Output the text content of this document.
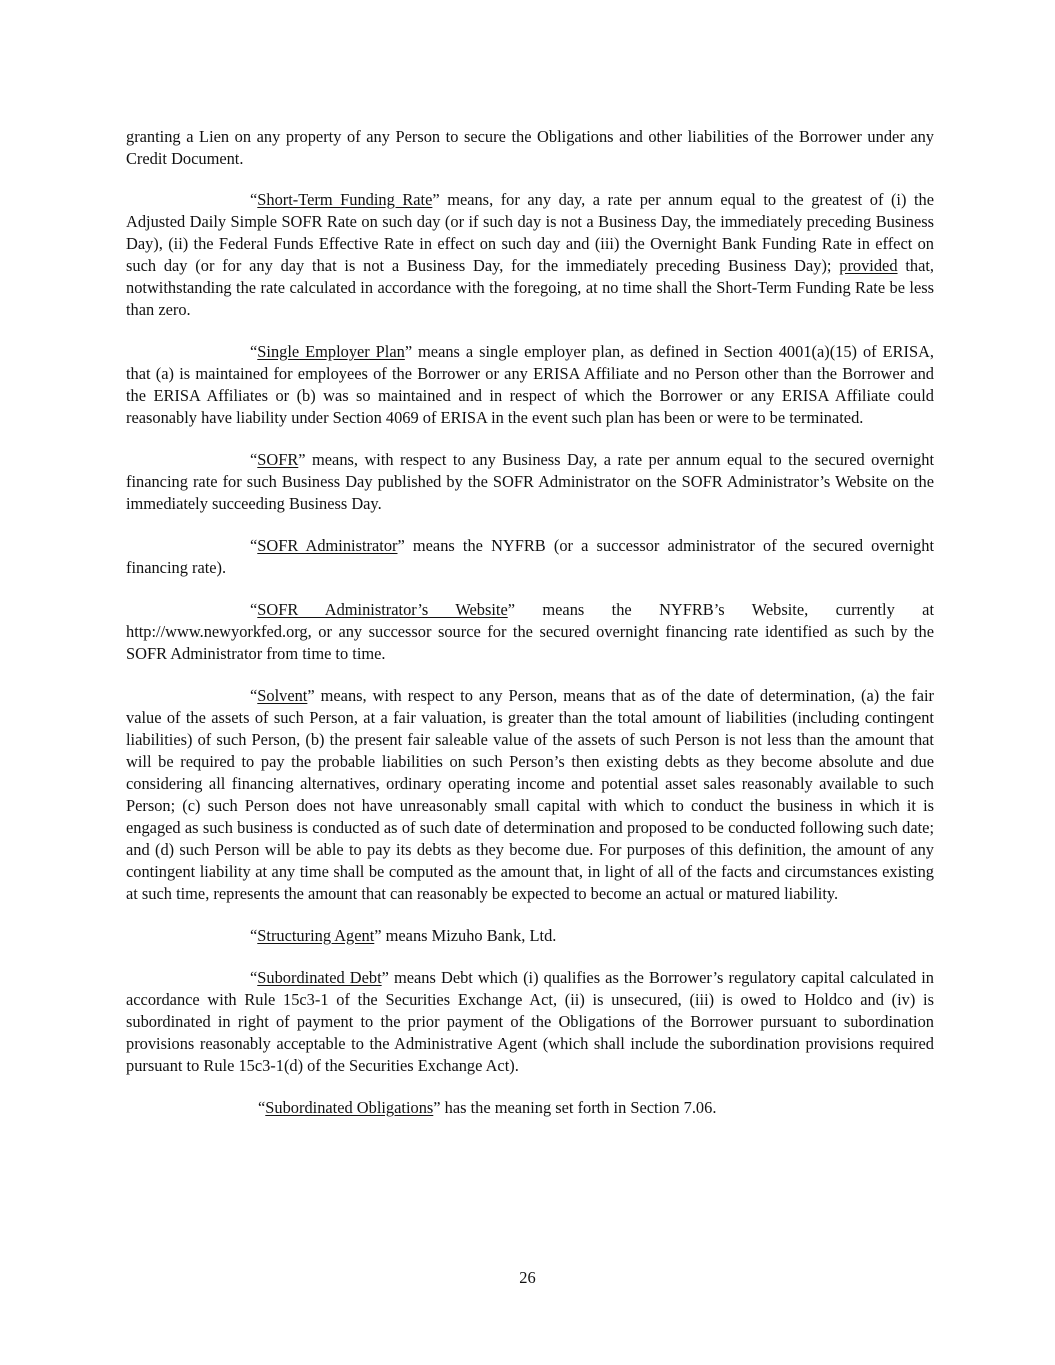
granting a Lien on any property of any Person to secure the Obligations and other liabilities of the Borrower under any Credit Document.

“Short-Term Funding Rate” means, for any day, a rate per annum equal to the greatest of (i) the Adjusted Daily Simple SOFR Rate on such day (or if such day is not a Business Day, the immediately preceding Business Day), (ii) the Federal Funds Effective Rate in effect on such day and (iii) the Overnight Bank Funding Rate in effect on such day (or for any day that is not a Business Day, for the immediately preceding Business Day); provided that, notwithstanding the rate calculated in accordance with the foregoing, at no time shall the Short-Term Funding Rate be less than zero.

“Single Employer Plan” means a single employer plan, as defined in Section 4001(a)(15) of ERISA, that (a) is maintained for employees of the Borrower or any ERISA Affiliate and no Person other than the Borrower and the ERISA Affiliates or (b) was so maintained and in respect of which the Borrower or any ERISA Affiliate could reasonably have liability under Section 4069 of ERISA in the event such plan has been or were to be terminated.

“SOFR” means, with respect to any Business Day, a rate per annum equal to the secured overnight financing rate for such Business Day published by the SOFR Administrator on the SOFR Administrator’s Website on the immediately succeeding Business Day.

“SOFR Administrator” means the NYFRB (or a successor administrator of the secured overnight financing rate).

“SOFR Administrator’s Website” means the NYFRB’s Website, currently at http://www.newyorkfed.org, or any successor source for the secured overnight financing rate identified as such by the SOFR Administrator from time to time.

“Solvent” means, with respect to any Person, means that as of the date of determination, (a) the fair value of the assets of such Person, at a fair valuation, is greater than the total amount of liabilities (including contingent liabilities) of such Person, (b) the present fair saleable value of the assets of such Person is not less than the amount that will be required to pay the probable liabilities on such Person’s then existing debts as they become absolute and due considering all financing alternatives, ordinary operating income and potential asset sales reasonably available to such Person; (c) such Person does not have unreasonably small capital with which to conduct the business in which it is engaged as such business is conducted as of such date of determination and proposed to be conducted following such date; and (d) such Person will be able to pay its debts as they become due. For purposes of this definition, the amount of any contingent liability at any time shall be computed as the amount that, in light of all of the facts and circumstances existing at such time, represents the amount that can reasonably be expected to become an actual or matured liability.

“Structuring Agent” means Mizuho Bank, Ltd.

“Subordinated Debt” means Debt which (i) qualifies as the Borrower’s regulatory capital calculated in accordance with Rule 15c3-1 of the Securities Exchange Act, (ii) is unsecured, (iii) is owed to Holdco and (iv) is subordinated in right of payment to the prior payment of the Obligations of the Borrower pursuant to subordination provisions reasonably acceptable to the Administrative Agent (which shall include the subordination provisions required pursuant to Rule 15c3-1(d) of the Securities Exchange Act).

“Subordinated Obligations” has the meaning set forth in Section 7.06.

26
